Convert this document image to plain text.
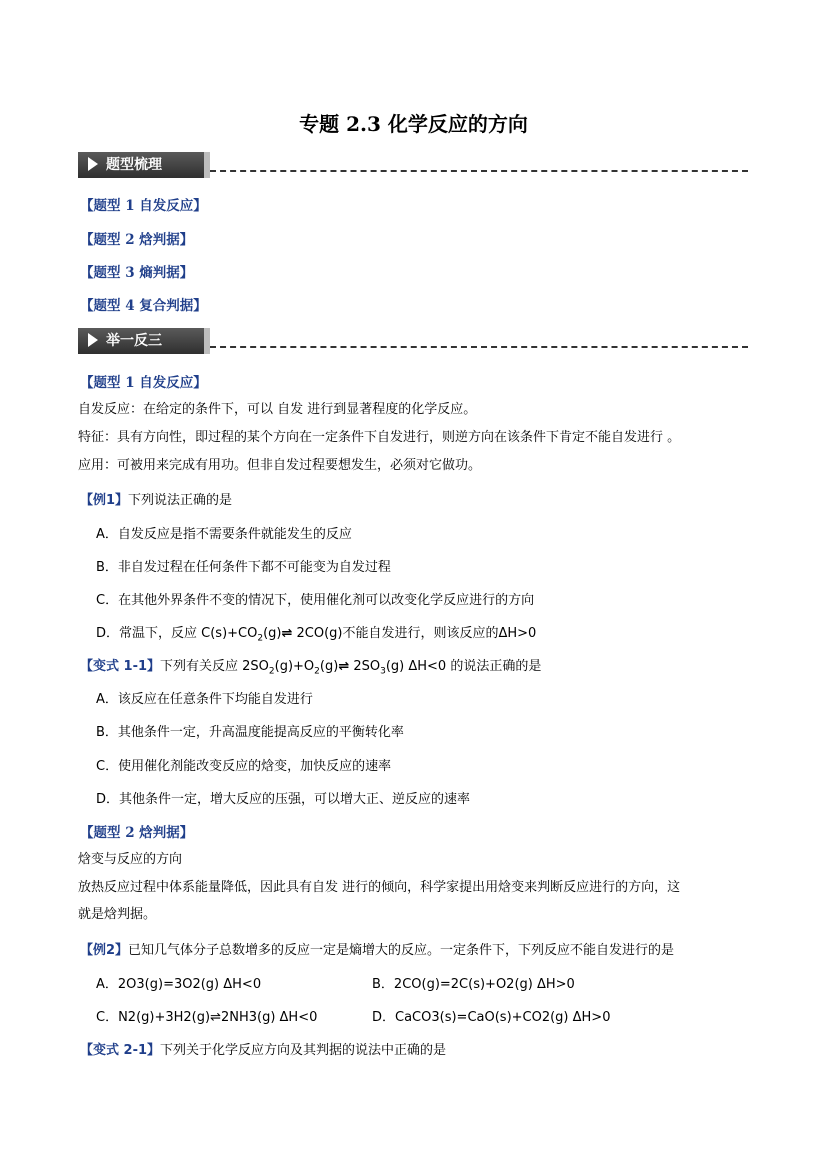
专题 2.3 化学反应的方向
题型梳理
【题型 1 自发反应】
【题型 2 焓判据】
【题型 3 熵判据】
【题型 4 复合判据】
举一反三
【题型 1 自发反应】
自发反应：在给定的条件下，可以 自发 进行到显著程度的化学反应。
特征：具有方向性，即过程的某个方向在一定条件下自发进行，则逆方向在该条件下肯定不能自发进行 。
应用：可被用来完成有用功。但非自发过程要想发生，必须对它做功。
【例1】下列说法正确的是
A．自发反应是指不需要条件就能发生的反应
B．非自发过程在任何条件下都不可能变为自发过程
C．在其他外界条件不变的情况下，使用催化剂可以改变化学反应进行的方向
D．常温下，反应 $C(s)+CO_2(g)\rightleftharpoons$ 2CO(g)不能自发进行，则该反应的ΔH>0
【变式 1-1】下列有关反应 $2SO_2(g)+O_2(g)\rightleftharpoons$ $2SO_3(g)$ ΔH<0 的说法正确的是
A．该反应在任意条件下均能自发进行
B．其他条件一定，升高温度能提高反应的平衡转化率
C．使用催化剂能改变反应的焓变，加快反应的速率
D．其他条件一定，增大反应的压强，可以增大正、逆反应的速率
【题型 2 焓判据】
焓变与反应的方向
放热反应过程中体系能量降低，因此具有自发 进行的倾向，科学家提出用焓变来判断反应进行的方向，这
就是焓判据。
【例2】已知几气体分子总数增多的反应一定是熵增大的反应。一定条件下，下列反应不能自发进行的是
A．2O3(g)=3O2(g) ΔH<0	B．2CO(g)=2C(s)+O2(g) ΔH>0
C．N2(g)+3H2(g)⇌2NH3(g) ΔH<0	D．CaCO3(s)=CaO(s)+CO2(g) ΔH>0
【变式 2-1】下列关于化学反应方向及其判据的说法中正确的是
